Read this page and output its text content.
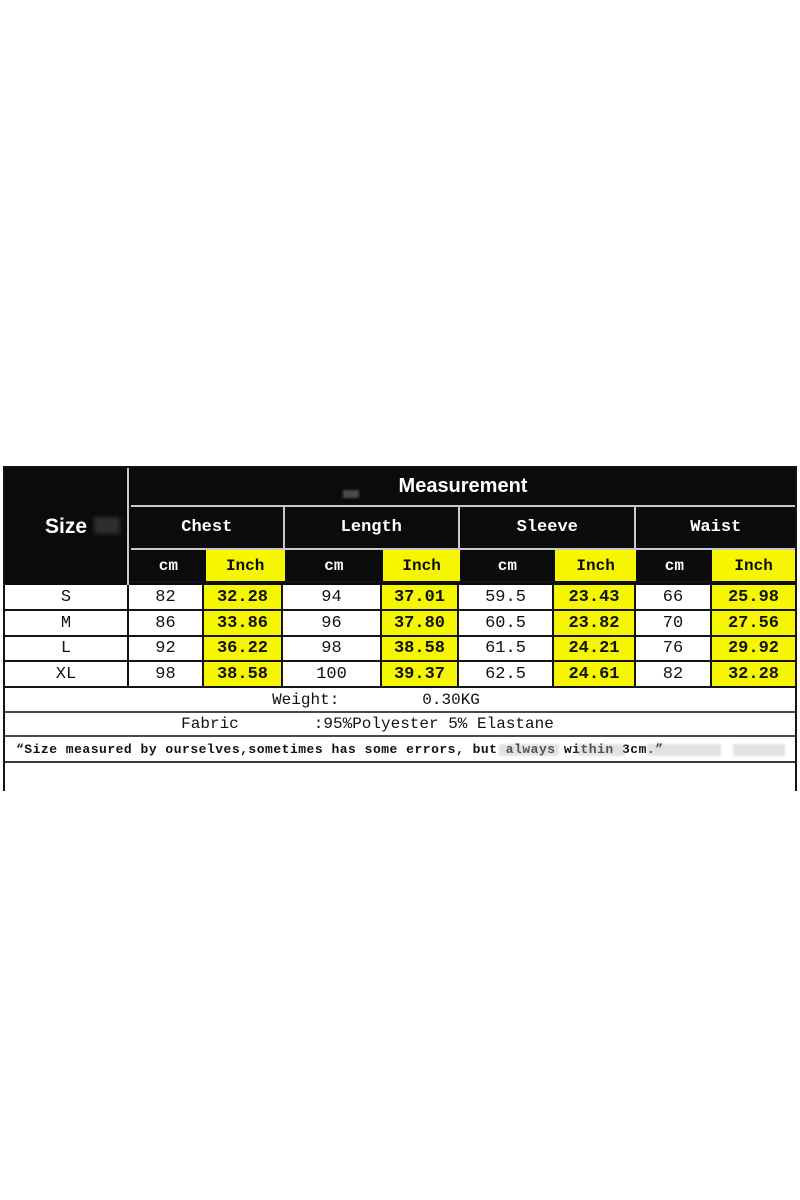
Size
Measurement
Chest	Length	Sleeve	Waist
cm	Inch	cm	Inch	cm	Inch	cm	Inch
S	82	32.28	94	37.01	59.5	23.43	66	25.98
M	86	33.86	96	37.80	60.5	23.82	70	27.56
L	92	36.22	98	38.58	61.5	24.21	76	29.92
XL	98	38.58	100	39.37	62.5	24.61	82	32.28
Weight:	0.30KG
Fabric	:95%Polyester 5% Elastane
“Size measured by ourselves,sometimes has some errors, but always within 3cm.”
